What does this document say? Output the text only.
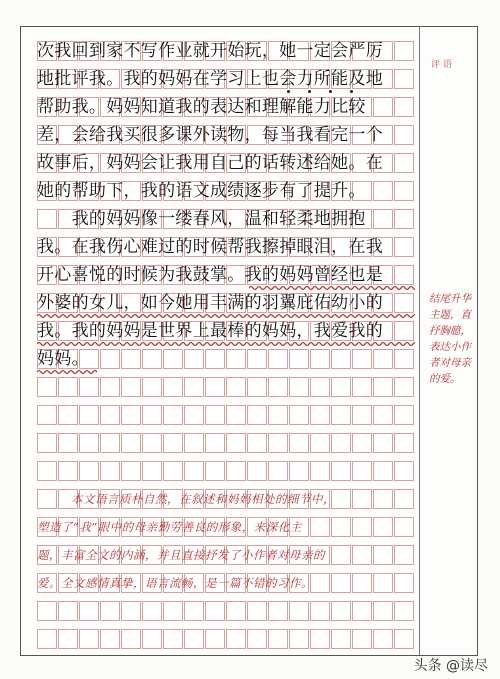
次我回到家不写作业就开始玩，她一定会严厉
地批评我。我的妈妈在学习上也会力所能及地
帮助我。妈妈知道我的表达和理解能力比较
差，会给我买很多课外读物，每当我看完一个
故事后，妈妈会让我用自己的话转述给她。在
她的帮助下，我的语文成绩逐步有了提升。
　　我的妈妈像一缕春风，温和轻柔地拥抱
我。在我伤心难过的时候帮我擦掉眼泪，在我
开心喜悦的时候为我鼓掌。我的妈妈曾经也是
外婆的女儿，如今她用丰满的羽翼庇佑幼小的
我。我的妈妈是世界上最棒的妈妈，我爱我的
妈妈。
本文语言质朴自然，在叙述和妈妈相处的细节中，
塑造了“我”眼中的母亲勤劳善良的形象，来深化主
题，丰富全文的内涵，并且直接抒发了小作者对母亲的
爱。全文感情真挚，语言流畅，是一篇不错的习作。
评语
结尾升华主题，直抒胸臆，表达小作者对母亲的爱。
头条 @读尽
